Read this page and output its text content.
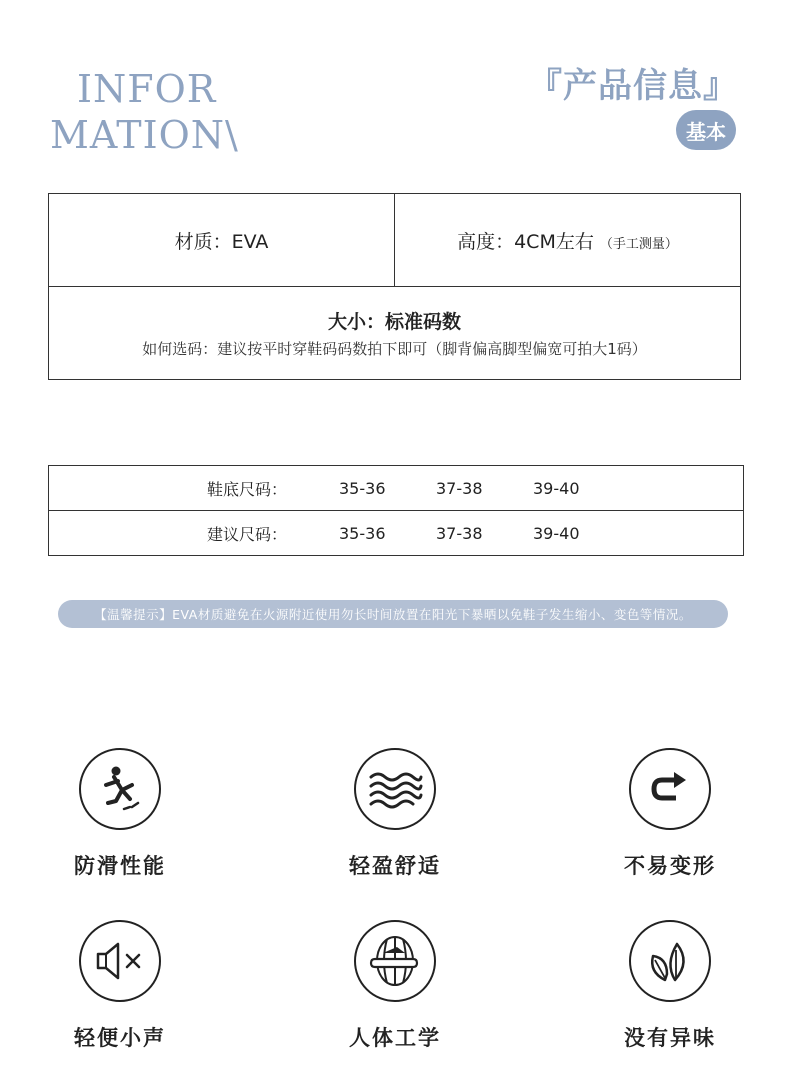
INFOR
MATION\
『产品信息』
基本
材质：EVA	高度：4CM左右 （手工测量）

大小：标准码数
如何选码：建议按平时穿鞋码码数拍下即可（脚背偏高脚型偏宽可拍大1码）
鞋底尺码：	35-36	37-38	39-40	
建议尺码：	35-36	37-38	39-40	
【温馨提示】EVA材质避免在火源附近使用勿长时间放置在阳光下暴晒以免鞋子发生缩小、变色等情况。
防滑性能	轻盈舒适	不易变形
轻便小声	人体工学	没有异味
